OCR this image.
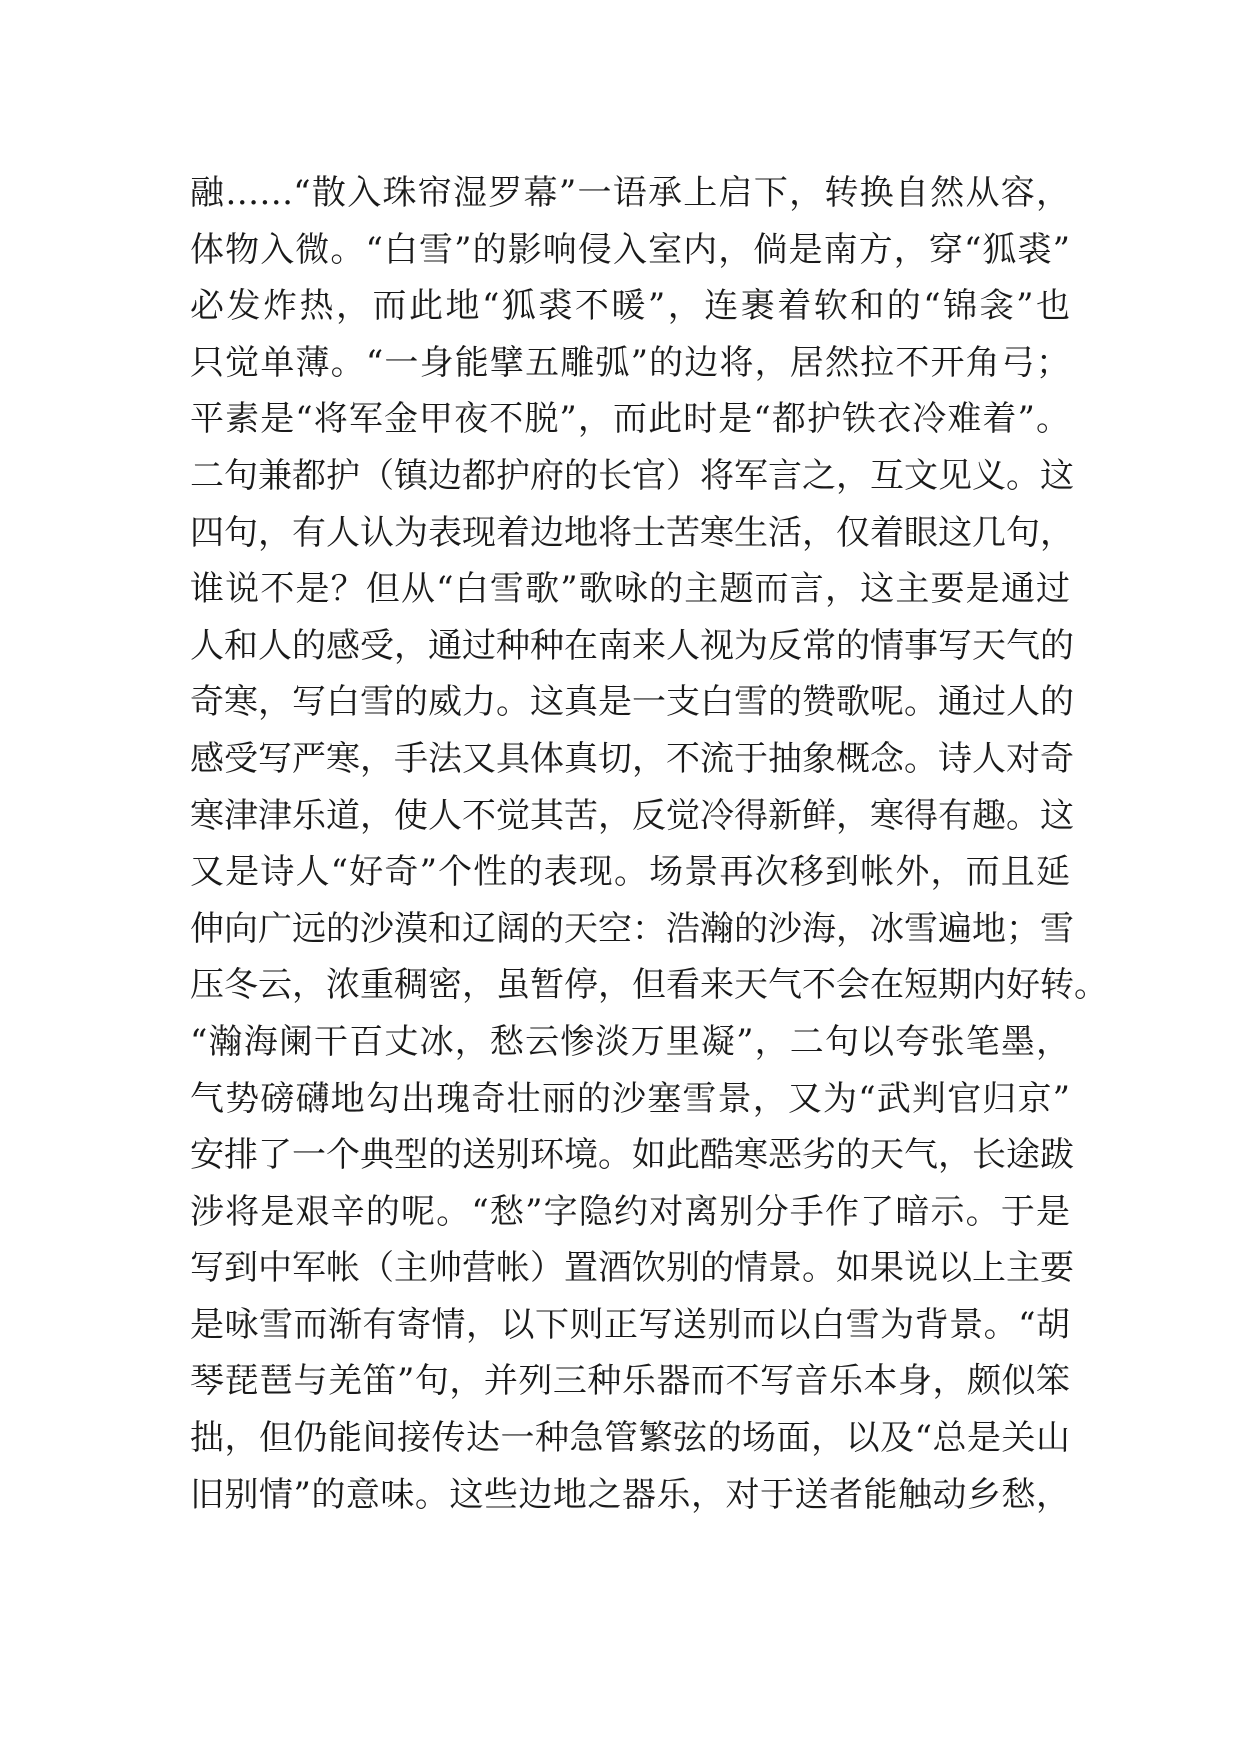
融……“散入珠帘湿罗幕”一语承上启下，转换自然从容，
体物入微。“白雪”的影响侵入室内，倘是南方，穿“狐裘”
必发炸热，而此地“狐裘不暖”，连裹着软和的“锦衾”也
只觉单薄。“一身能擘五雕弧”的边将，居然拉不开角弓；
平素是“将军金甲夜不脱”，而此时是“都护铁衣冷难着”。
二句兼都护（镇边都护府的长官）将军言之，互文见义。这
四句，有人认为表现着边地将士苦寒生活，仅着眼这几句，
谁说不是？但从“白雪歌”歌咏的主题而言，这主要是通过
人和人的感受，通过种种在南来人视为反常的情事写天气的
奇寒，写白雪的威力。这真是一支白雪的赞歌呢。通过人的
感受写严寒，手法又具体真切，不流于抽象概念。诗人对奇
寒津津乐道，使人不觉其苦，反觉冷得新鲜，寒得有趣。这
又是诗人“好奇”个性的表现。场景再次移到帐外，而且延
伸向广远的沙漠和辽阔的天空：浩瀚的沙海，冰雪遍地；雪
压冬云，浓重稠密，虽暂停，但看来天气不会在短期内好转。
“瀚海阑干百丈冰，愁云惨淡万里凝”，二句以夸张笔墨，
气势磅礴地勾出瑰奇壮丽的沙塞雪景，又为“武判官归京”
安排了一个典型的送别环境。如此酷寒恶劣的天气，长途跋
涉将是艰辛的呢。“愁”字隐约对离别分手作了暗示。于是
写到中军帐（主帅营帐）置酒饮别的情景。如果说以上主要
是咏雪而渐有寄情，以下则正写送别而以白雪为背景。“胡
琴琵琶与羌笛”句，并列三种乐器而不写音乐本身，颇似笨
拙，但仍能间接传达一种急管繁弦的场面，以及“总是关山
旧别情”的意味。这些边地之器乐，对于送者能触动乡愁，
